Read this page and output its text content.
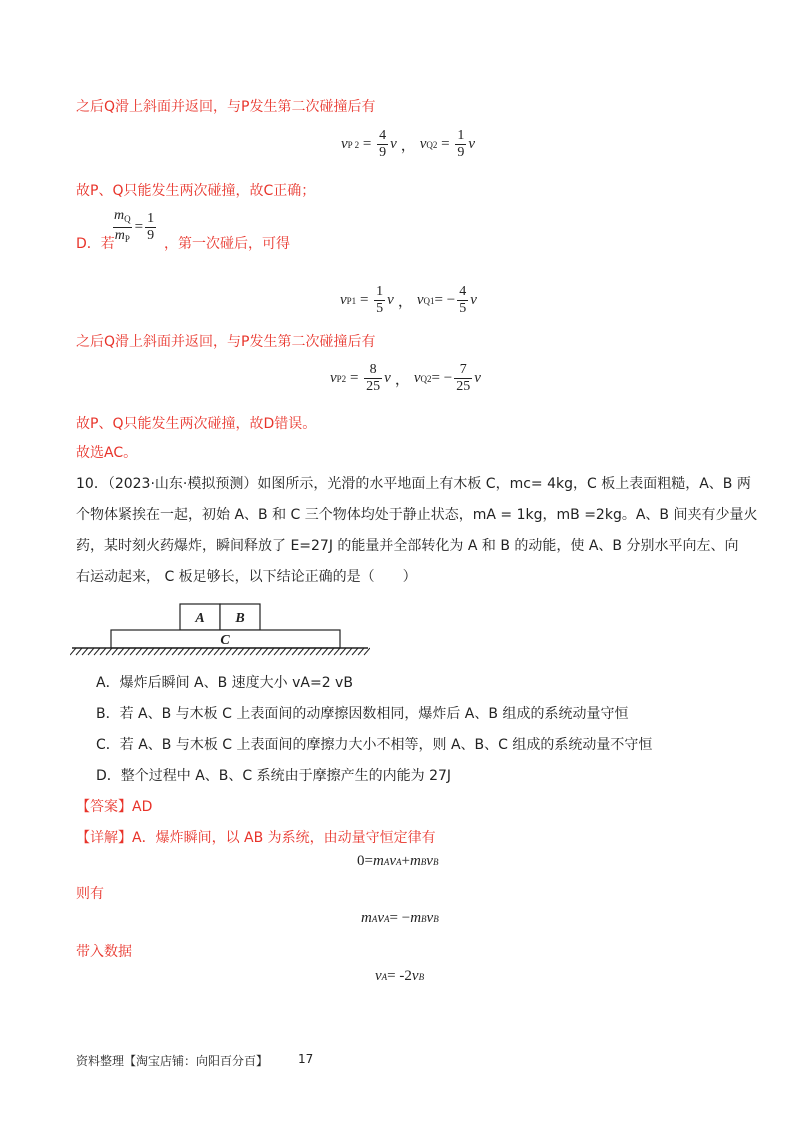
之后Q滑上斜面并返回，与P发生第二次碰撞后有
v P $2 = \frac{4}{9}$ v ， v $Q2 = \frac{1}{9}$ v
故P、Q只能发生两次碰撞，故C正确；
$\frac{m_Q}{m_P} = \frac{1}{9}$
D．若	，第一次碰后，可得
v $P1 = \frac{1}{5}$ v ， v Q1 = − $\frac{4}{5}$ v
之后Q滑上斜面并返回，与P发生第二次碰撞后有
v $P2 = \frac{8}{25}$ v ， v Q2 = − $\frac{7}{25}$ v
故P、Q只能发生两次碰撞，故D错误。
故选AC。
10．（2023·山东·模拟预测）如图所示，光滑的水平地面上有木板 C，mc= 4kg，C 板上表面粗糙，A、B 两
个物体紧挨在一起，初始 A、B 和 C 三个物体均处于静止状态，mA = 1kg，mB =2kg。A、B 间夹有少量火
药，某时刻火药爆炸，瞬间释放了 E=27J 的能量并全部转化为 A 和 B 的动能，使 A、B 分别水平向左、向
右运动起来， C 板足够长，以下结论正确的是（　　）
A B
C
A．爆炸后瞬间 A、B 速度大小 vA=2 vB
B．若 A、B 与木板 C 上表面间的动摩擦因数相同，爆炸后 A、B 组成的系统动量守恒
C．若 A、B 与木板 C 上表面间的摩擦力大小不相等，则 A、B、C 组成的系统动量不守恒
D．整个过程中 A、B、C 系统由于摩擦产生的内能为 27J
【答案】AD
【详解】A．爆炸瞬间，以 AB 为系统，由动量守恒定律有
0= m A v A + m B v B
则有
m A v A = − m B v B
带入数据
v A = -2 v B
资料整理【淘宝店铺：向阳百分百】 17
